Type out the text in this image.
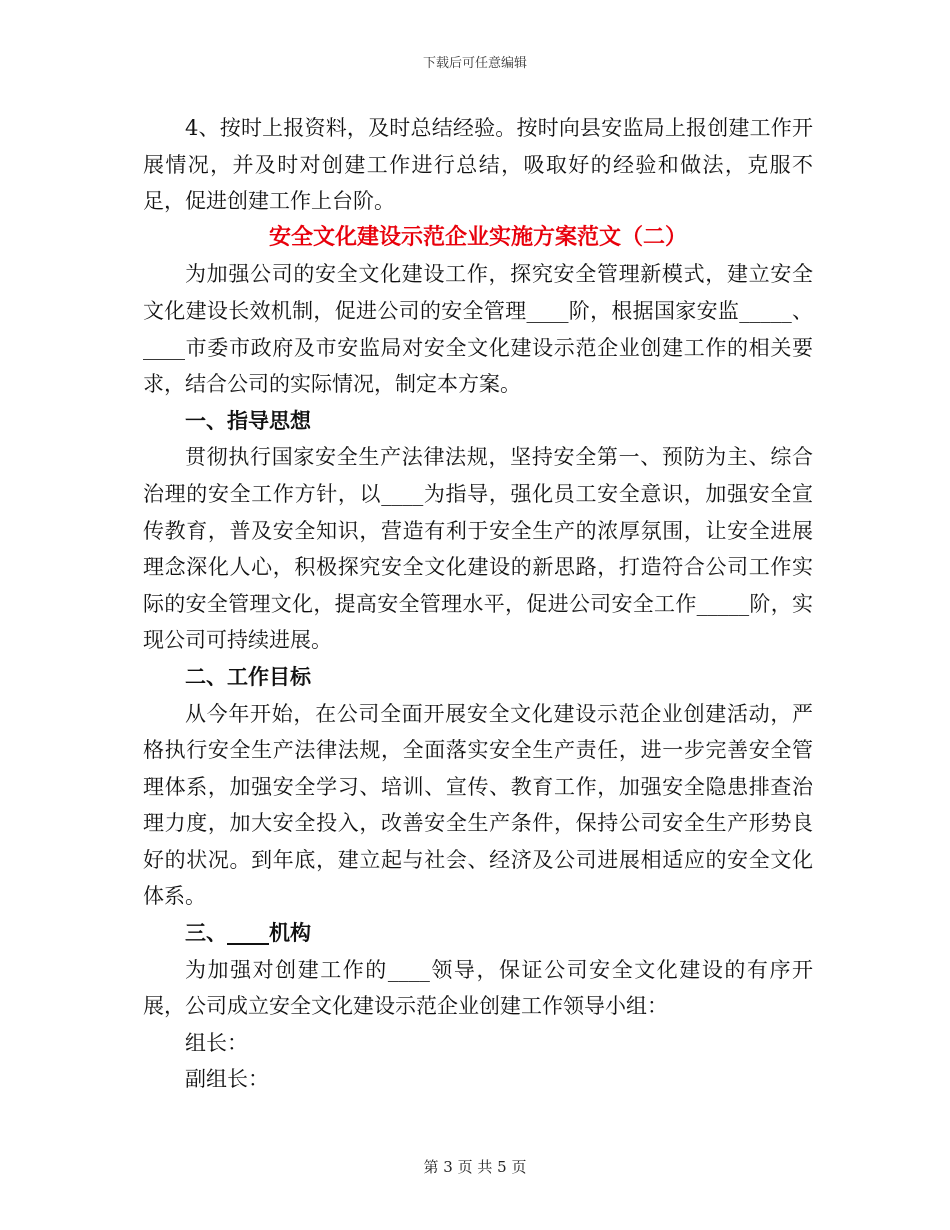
下载后可任意编辑

4、按时上报资料，及时总结经验。按时向县安监局上报创建工作开展情况，并及时对创建工作进行总结，吸取好的经验和做法，克服不足，促进创建工作上台阶。

安全文化建设示范企业实施方案范文（二）

为加强公司的安全文化建设工作，探究安全管理新模式，建立安全文化建设长效机制，促进公司的安全管理____阶，根据国家安监_____、____市委市政府及市安监局对安全文化建设示范企业创建工作的相关要求，结合公司的实际情况，制定本方案。

一、指导思想

贯彻执行国家安全生产法律法规，坚持安全第一、预防为主、综合治理的安全工作方针，以____为指导，强化员工安全意识，加强安全宣传教育，普及安全知识，营造有利于安全生产的浓厚氛围，让安全进展理念深化人心，积极探究安全文化建设的新思路，打造符合公司工作实际的安全管理文化，提高安全管理水平，促进公司安全工作_____阶，实现公司可持续进展。

二、工作目标

从今年开始，在公司全面开展安全文化建设示范企业创建活动，严格执行安全生产法律法规，全面落实安全生产责任，进一步完善安全管理体系，加强安全学习、培训、宣传、教育工作，加强安全隐患排查治理力度，加大安全投入，改善安全生产条件，保持公司安全生产形势良好的状况。到年底，建立起与社会、经济及公司进展相适应的安全文化体系。

三、____机构

为加强对创建工作的____领导，保证公司安全文化建设的有序开展，公司成立安全文化建设示范企业创建工作领导小组：

组长：

副组长：

第 3 页 共 5 页
